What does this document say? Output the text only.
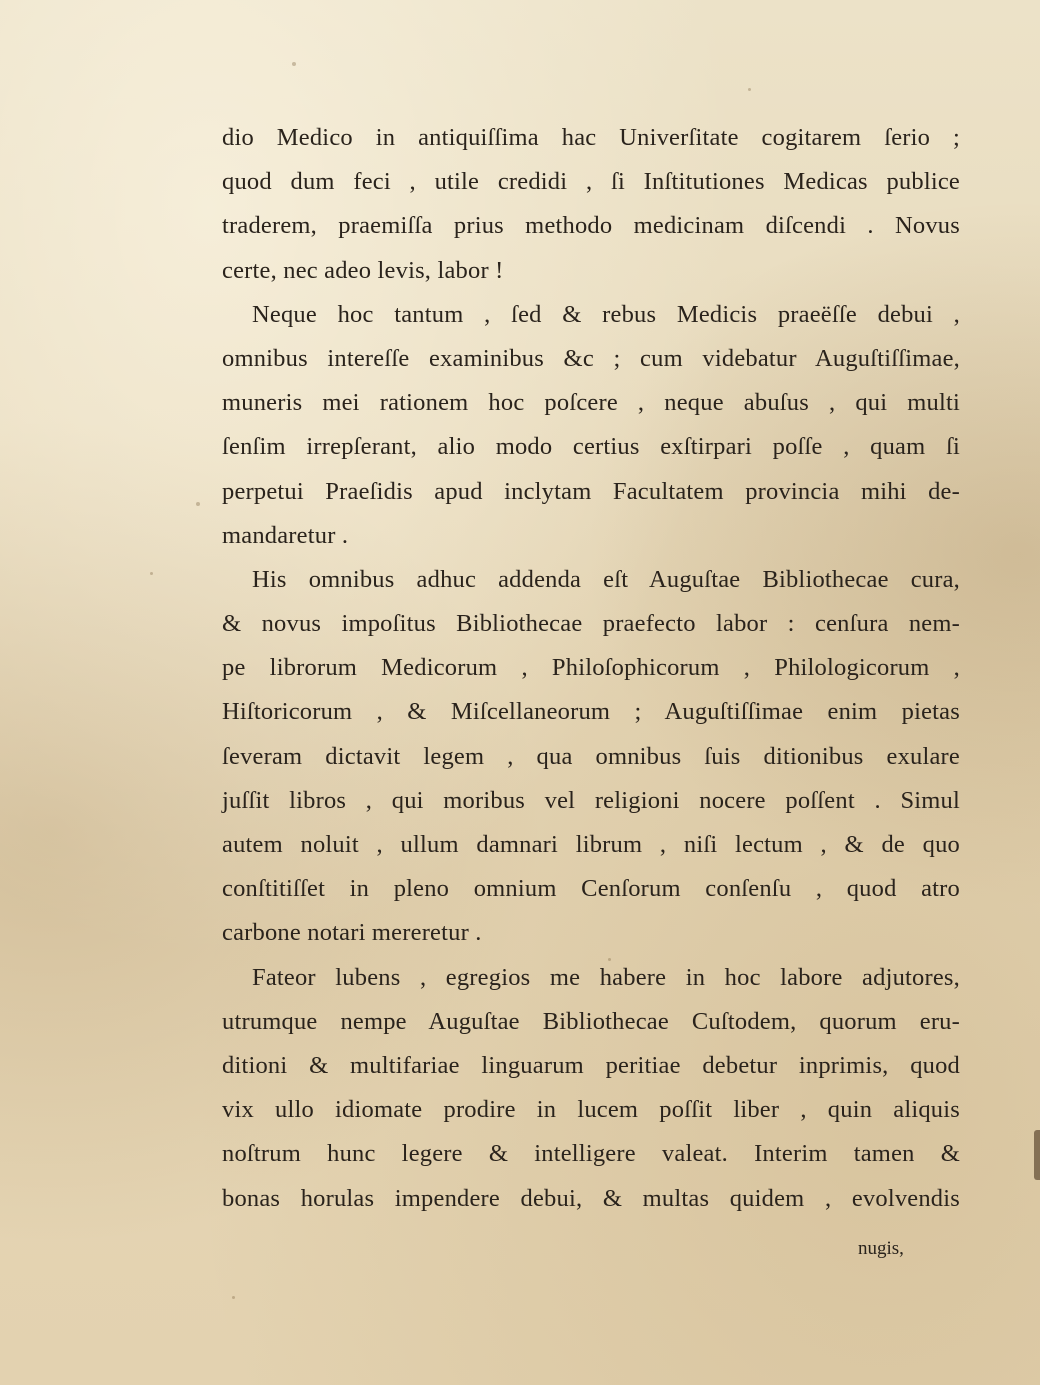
dio Medico in antiquiſſima hac Univerſitate cogitarem ſerio ;
quod dum feci , utile credidi , ſi Inſtitutiones Medicas publice
traderem, praemiſſa prius methodo medicinam diſcendi . Novus
certe, nec adeo levis, labor !
Neque hoc tantum , ſed & rebus Medicis praeëſſe debui ,
omnibus intereſſe examinibus &c ; cum videbatur Auguſtiſſimae,
muneris mei rationem hoc poſcere , neque abuſus , qui multi
ſenſim irrepſerant, alio modo certius exſtirpari poſſe , quam ſi
perpetui Praeſidis apud inclytam Facultatem provincia mihi de-
mandaretur .
His omnibus adhuc addenda eſt Auguſtae Bibliothecae cura,
& novus impoſitus Bibliothecae praefecto labor : cenſura nem-
pe librorum Medicorum , Philoſophicorum , Philologicorum ,
Hiſtoricorum , & Miſcellaneorum ; Auguſtiſſimae enim pietas
ſeveram dictavit legem , qua omnibus ſuis ditionibus exulare
juſſit libros , qui moribus vel religioni nocere poſſent . Simul
autem noluit , ullum damnari librum , niſi lectum , & de quo
conſtitiſſet in pleno omnium Cenſorum conſenſu , quod atro
carbone notari mereretur .
Fateor lubens , egregios me habere in hoc labore adjutores,
utrumque nempe Auguſtae Bibliothecae Cuſtodem, quorum eru-
ditioni & multifariae linguarum peritiae debetur inprimis, quod
vix ullo idiomate prodire in lucem poſſit liber , quin aliquis
noſtrum hunc legere & intelligere valeat. Interim tamen &
bonas horulas impendere debui, & multas quidem , evolvendis
nugis,
